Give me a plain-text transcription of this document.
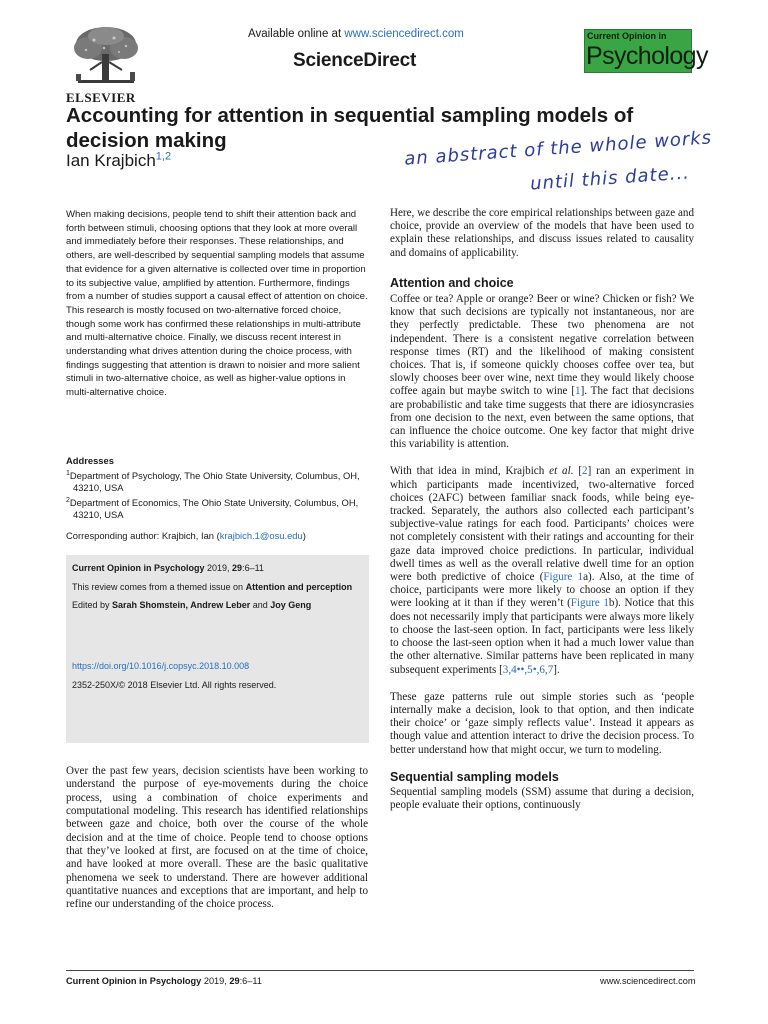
Available online at www.sciencedirect.com
ScienceDirect
ELSEVIER
Current Opinion in
Psychology
Accounting for attention in sequential sampling models of decision making
Ian Krajbich$^{1,2}$	an abstract of the whole works
until this date...
When making decisions, people tend to shift their attention back and forth between stimuli, choosing options that they look at more overall and immediately before their responses. These relationships, and others, are well-described by sequential sampling models that assume that evidence for a given alternative is collected over time in proportion to its subjective value, amplified by attention. Furthermore, findings from a number of studies support a causal effect of attention on choice. This research is mostly focused on two-alternative forced choice, though some work has confirmed these relationships in multi-attribute and multi-alternative choice. Finally, we discuss recent interest in understanding what drives attention during the choice process, with findings suggesting that attention is drawn to noisier and more salient stimuli in two-alternative choice, as well as higher-value options in multi-alternative choice.
Addresses
$^1$Department of Psychology, The Ohio State University, Columbus, OH, 43210, USA
$^2$Department of Economics, The Ohio State University, Columbus, OH, 43210, USA
Corresponding author: Krajbich, Ian (krajbich.1@osu.edu)
Current Opinion in Psychology 2019, 29:6–11
This review comes from a themed issue on Attention and perception
Edited by Sarah Shomstein, Andrew Leber and Joy Geng
https://doi.org/10.1016/j.copsyc.2018.10.008
2352-250X/© 2018 Elsevier Ltd. All rights reserved.
Over the past few years, decision scientists have been working to understand the purpose of eye-movements during the choice process, using a combination of choice experiments and computational modeling. This research has identified relationships between gaze and choice, both over the course of the whole decision and at the time of choice. People tend to choose options that they’ve looked at first, are focused on at the time of choice, and have looked at more overall. These are the basic qualitative phenomena we seek to understand. There are however additional quantitative nuances and exceptions that are important, and help to refine our understanding of the choice process.

Here, we describe the core empirical relationships between gaze and choice, provide an overview of the models that have been used to explain these relationships, and discuss issues related to causality and domains of applicability.

Attention and choice

Coffee or tea? Apple or orange? Beer or wine? Chicken or fish? We know that such decisions are typically not instantaneous, nor are they perfectly predictable. These two phenomena are not independent. There is a consistent negative correlation between response times (RT) and the likelihood of making consistent choices. That is, if someone quickly chooses coffee over tea, but slowly chooses beer over wine, next time they would likely choose coffee again but maybe switch to wine [1]. The fact that decisions are probabilistic and take time suggests that there are idiosyncrasies from one decision to the next, even between the same options, that can influence the choice outcome. One key factor that might drive this variability is attention.

With that idea in mind, Krajbich et al. [2] ran an experiment in which participants made incentivized, two-alternative forced choices (2AFC) between familiar snack foods, while being eye-tracked. Separately, the authors also collected each participant’s subjective-value ratings for each food. Participants’ choices were not completely consistent with their ratings and accounting for their gaze data improved choice predictions. In particular, individual dwell times as well as the overall relative dwell time for an option were both predictive of choice (Figure 1a). Also, at the time of choice, participants were more likely to choose an option if they were looking at it than if they weren’t (Figure 1b). Notice that this does not necessarily imply that participants were always more likely to choose the last-seen option. In fact, participants were less likely to choose the last-seen option when it had a much lower value than the other alternative. Similar patterns have been replicated in many subsequent experiments [3,4••,5•,6,7].

These gaze patterns rule out simple stories such as ‘people internally make a decision, look to that option, and then indicate their choice’ or ‘gaze simply reflects value’. Instead it appears as though value and attention interact to drive the decision process. To better understand how that might occur, we turn to modeling.

Sequential sampling models

Sequential sampling models (SSM) assume that during a decision, people evaluate their options, continuously

Current Opinion in Psychology 2019, 29:6–11	www.sciencedirect.com
